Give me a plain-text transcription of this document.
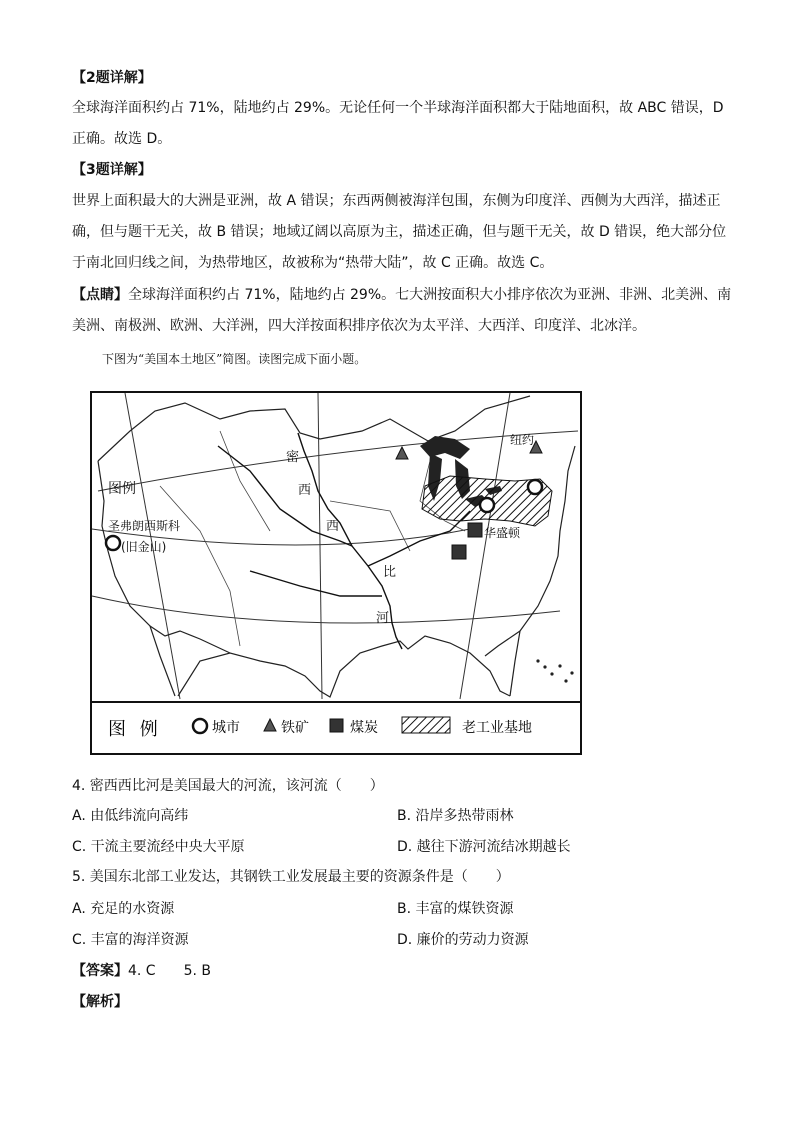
【2题详解】
全球海洋面积约占 71%，陆地约占 29%。无论任何一个半球海洋面积都大于陆地面积，故 ABC 错误，D
正确。故选 D。
【3题详解】
世界上面积最大的大洲是亚洲，故 A 错误；东西两侧被海洋包围，东侧为印度洋、西侧为大西洋，描述正
确，但与题干无关，故 B 错误；地域辽阔以高原为主，描述正确，但与题干无关，故 D 错误，绝大部分位
于南北回归线之间，为热带地区，故被称为“热带大陆”，故 C 正确。故选 C。
【点睛】全球海洋面积约占 71%，陆地约占 29%。七大洲按面积大小排序依次为亚洲、非洲、北美洲、南
美洲、南极洲、欧洲、大洋洲，四大洋按面积排序依次为太平洋、大西洋、印度洋、北冰洋。
下图为“美国本土地区”简图。读图完成下面小题。
密
西
西
比
河
图例
圣弗朗西斯科
(旧金山)
纽约
华盛顿
图 例	城市	铁矿	煤炭	老工业基地
4. 密西西比河是美国最大的河流，该河流（　　）
A. 由低纬流向高纬	B. 沿岸多热带雨林
C. 干流主要流经中央大平原	D. 越往下游河流结冰期越长
5. 美国东北部工业发达，其钢铁工业发展最主要的资源条件是（　　）
A. 充足的水资源	B. 丰富的煤铁资源
C. 丰富的海洋资源	D. 廉价的劳动力资源
【答案】4. C　　5. B
【解析】
